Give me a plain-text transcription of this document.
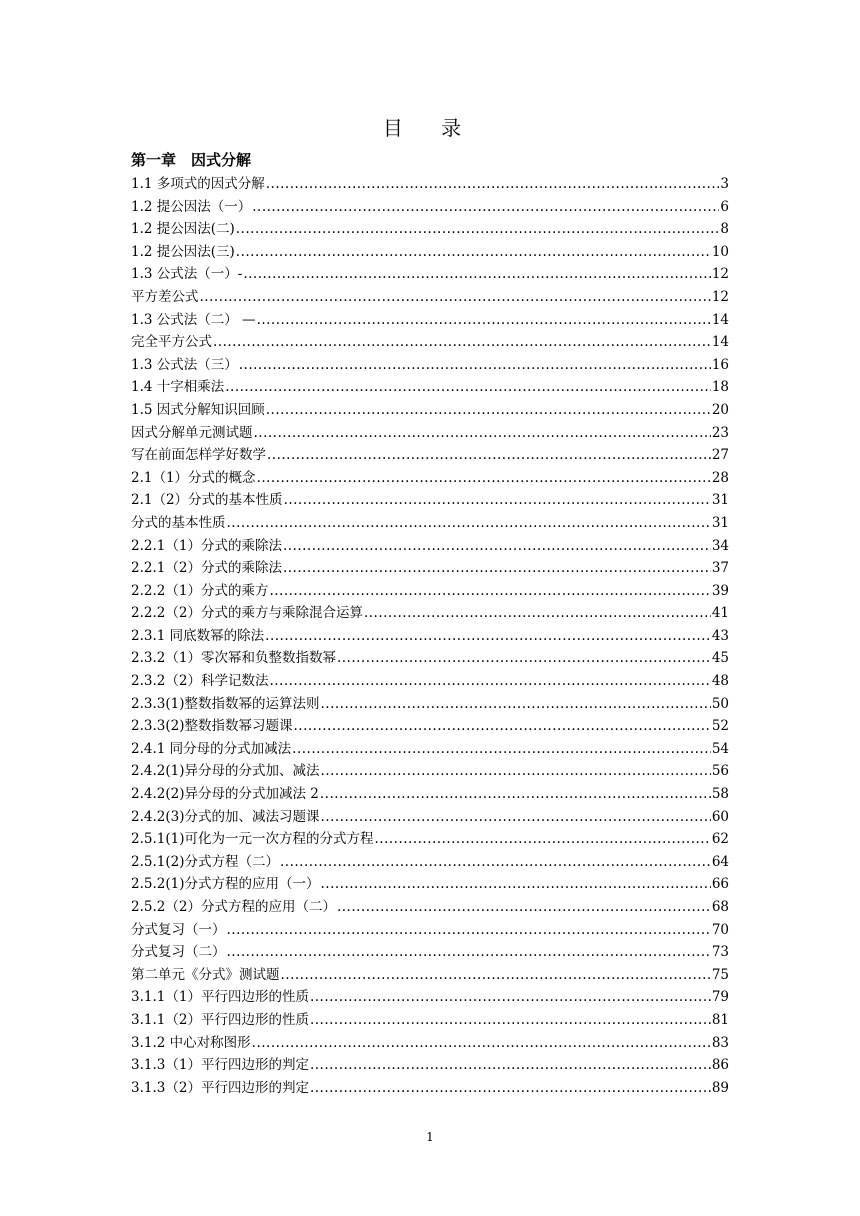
目 录
第一章　因式分解
1.1 多项式的因式分解 .....	3
1.2 提公因法（一） .....	6
1.2 提公因法(二) .....	8
1.2 提公因法(三) .....	10
1.3 公式法（一）- .....	12
平方差公式 .....	12
1.3 公式法（二） — .....	14
完全平方公式 .....	14
1.3 公式法（三） .....	16
1.4 十字相乘法 .....	18
1.5 因式分解知识回顾 .....	20
因式分解单元测试题 .....	23
写在前面怎样学好数学 .....	27
2.1（1）分式的概念 .....	28
2.1（2）分式的基本性质 .....	31
分式的基本性质 .....	31
2.2.1（1）分式的乘除法 .....	34
2.2.1（2）分式的乘除法 .....	37
2.2.2（1）分式的乘方 .....	39
2.2.2（2）分式的乘方与乘除混合运算 .....	41
2.3.1 同底数幂的除法 .....	43
2.3.2（1）零次幂和负整数指数幂 .....	45
2.3.2（2）科学记数法 .....	48
2.3.3(1)整数指数幂的运算法则 .....	50
2.3.3(2)整数指数幂习题课 .....	52
2.4.1 同分母的分式加减法 .....	54
2.4.2(1)异分母的分式加、减法 .....	56
2.4.2(2)异分母的分式加减法 2 .....	58
2.4.2(3)分式的加、减法习题课 .....	60
2.5.1(1)可化为一元一次方程的分式方程 .....	62
2.5.1(2)分式方程（二） .....	64
2.5.2(1)分式方程的应用（一） .....	66
2.5.2（2）分式方程的应用（二） .....	68
分式复习（一） .....	70
分式复习（二） .....	73
第二单元《分式》测试题 .....	75
3.1.1（1）平行四边形的性质 .....	79
3.1.1（2）平行四边形的性质 .....	81
3.1.2 中心对称图形 .....	83
3.1.3（1）平行四边形的判定 .....	86
3.1.3（2）平行四边形的判定 .....	89
1
